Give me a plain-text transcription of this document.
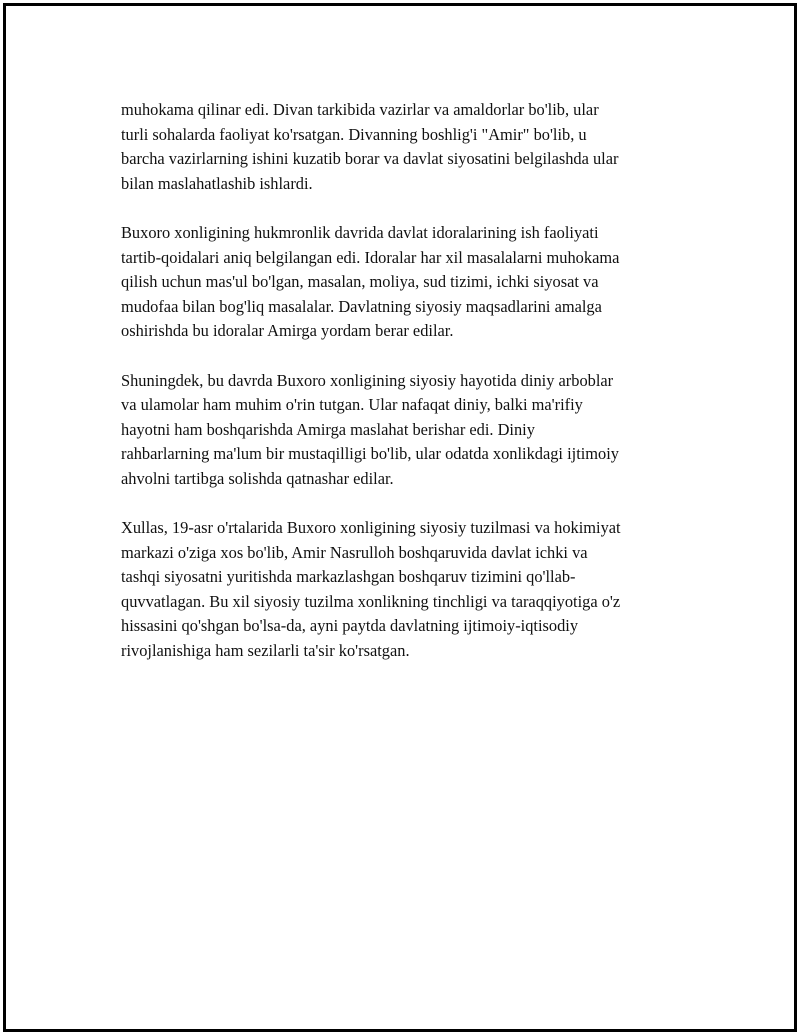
muhokama qilinar edi. Divan tarkibida vazirlar va amaldorlar bo'lib, ular
turli sohalarda faoliyat ko'rsatgan. Divanning boshlig'i "Amir" bo'lib, u
barcha vazirlarning ishini kuzatib borar va davlat siyosatini belgilashda ular
bilan maslahatlashib ishlardi.

Buxoro xonligining hukmronlik davrida davlat idoralarining ish faoliyati
tartib-qoidalari aniq belgilangan edi. Idoralar har xil masalalarni muhokama
qilish uchun mas'ul bo'lgan, masalan, moliya, sud tizimi, ichki siyosat va
mudofaa bilan bog'liq masalalar. Davlatning siyosiy maqsadlarini amalga
oshirishda bu idoralar Amirga yordam berar edilar.

Shuningdek, bu davrda Buxoro xonligining siyosiy hayotida diniy arboblar
va ulamolar ham muhim o'rin tutgan. Ular nafaqat diniy, balki ma'rifiy
hayotni ham boshqarishda Amirga maslahat berishar edi. Diniy
rahbarlarning ma'lum bir mustaqilligi bo'lib, ular odatda xonlikdagi ijtimoiy
ahvolni tartibga solishda qatnashar edilar.

Xullas, 19-asr o'rtalarida Buxoro xonligining siyosiy tuzilmasi va hokimiyat
markazi o'ziga xos bo'lib, Amir Nasrulloh boshqaruvida davlat ichki va
tashqi siyosatni yuritishda markazlashgan boshqaruv tizimini qo'llab-
quvvatlagan. Bu xil siyosiy tuzilma xonlikning tinchligi va taraqqiyotiga o'z
hissasini qo'shgan bo'lsa-da, ayni paytda davlatning ijtimoiy-iqtisodiy
rivojlanishiga ham sezilarli ta'sir ko'rsatgan.
